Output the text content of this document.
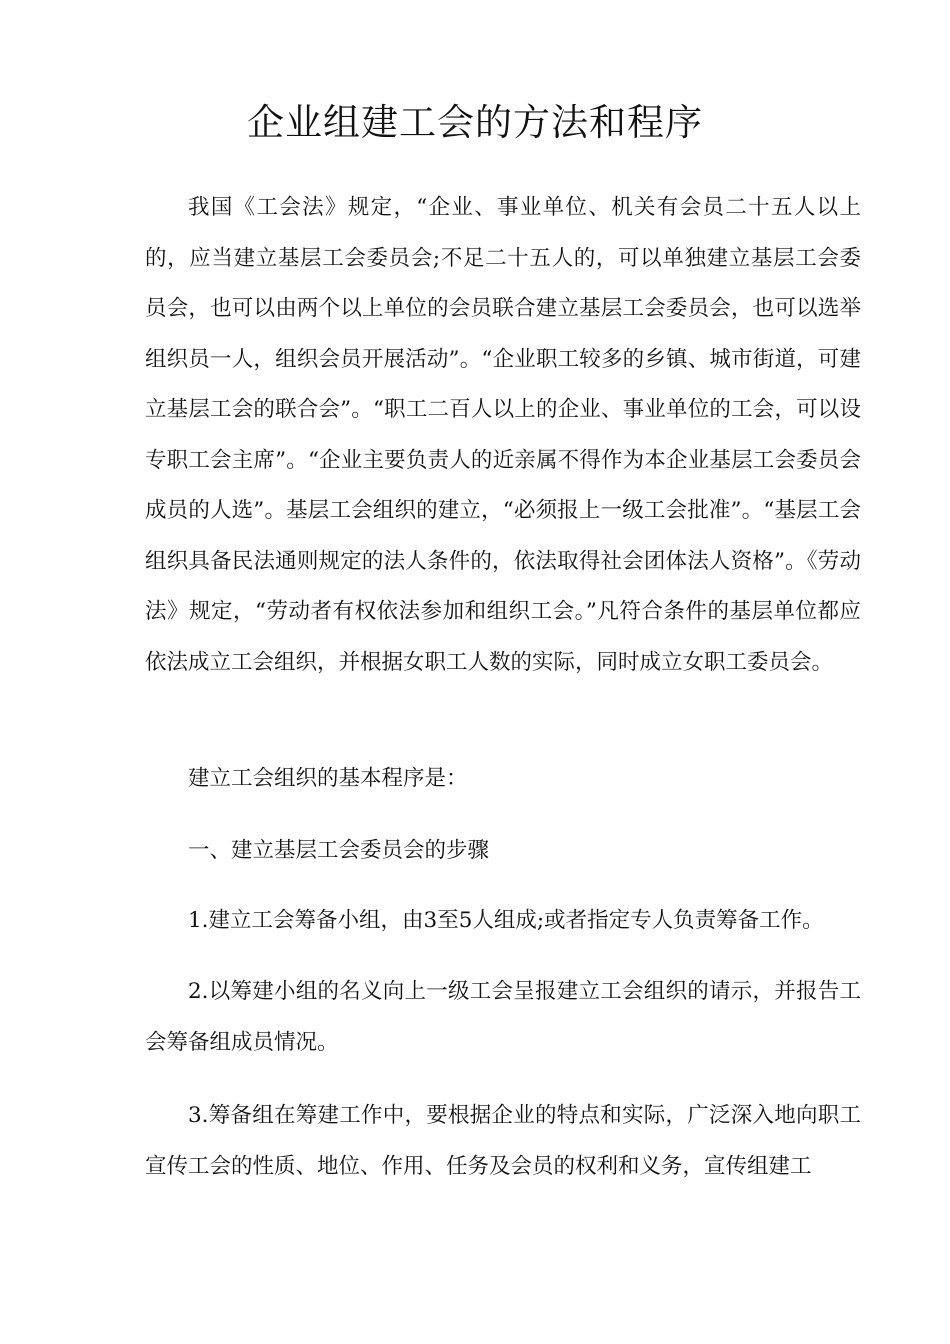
企业组建工会的方法和程序

我国《工会法》规定，“企业、事业单位、机关有会员二十五人以上的，应当建立基层工会委员会;不足二十五人的，可以单独建立基层工会委员会，也可以由两个以上单位的会员联合建立基层工会委员会，也可以选举组织员一人，组织会员开展活动”。“企业职工较多的乡镇、城市街道，可建立基层工会的联合会”。“职工二百人以上的企业、事业单位的工会，可以设专职工会主席”。“企业主要负责人的近亲属不得作为本企业基层工会委员会成员的人选”。基层工会组织的建立，“必须报上一级工会批准”。“基层工会组织具备民法通则规定的法人条件的，依法取得社会团体法人资格”。《劳动法》规定，“劳动者有权依法参加和组织工会。”凡符合条件的基层单位都应依法成立工会组织，并根据女职工人数的实际，同时成立女职工委员会。

建立工会组织的基本程序是：

一、建立基层工会委员会的步骤

1.建立工会筹备小组，由3至5人组成;或者指定专人负责筹备工作。

2.以筹建小组的名义向上一级工会呈报建立工会组织的请示，并报告工会筹备组成员情况。

3.筹备组在筹建工作中，要根据企业的特点和实际，广泛深入地向职工宣传工会的性质、地位、作用、任务及会员的权利和义务，宣传组建工
